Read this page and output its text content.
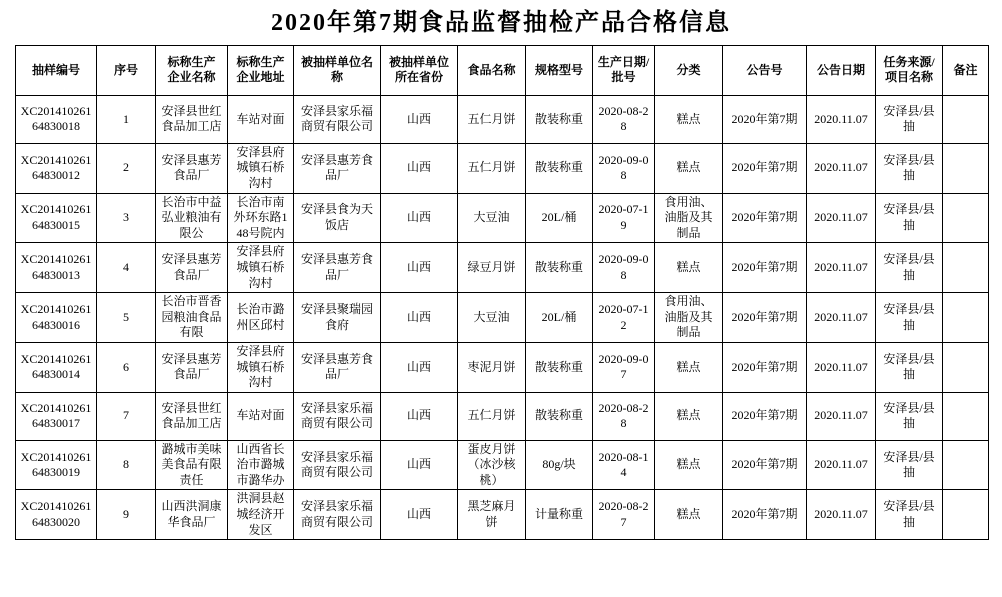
2020年第7期食品监督抽检产品合格信息
抽样编号	序号	标称生产企业名称	标称生产企业地址	被抽样单位名称	被抽样单位所在省份	食品名称	规格型号	生产日期/批号	分类	公告号	公告日期	任务来源/项目名称	备注
XC20141026164830018	1	安泽县世红食品加工店	车站对面	安泽县家乐福商贸有限公司	山西	五仁月饼	散装称重	2020-08-28	糕点	2020年第7期	2020.11.07	安泽县/县抽	
XC20141026164830012	2	安泽县惠芳食品厂	安泽县府城镇石桥沟村	安泽县惠芳食品厂	山西	五仁月饼	散装称重	2020-09-08	糕点	2020年第7期	2020.11.07	安泽县/县抽	
XC20141026164830015	3	长治市中益弘业粮油有限公	长治市南外环东路148号院内	安泽县食为天饭店	山西	大豆油	20L/桶	2020-07-19	食用油、油脂及其制品	2020年第7期	2020.11.07	安泽县/县抽	
XC20141026164830013	4	安泽县惠芳食品厂	安泽县府城镇石桥沟村	安泽县惠芳食品厂	山西	绿豆月饼	散装称重	2020-09-08	糕点	2020年第7期	2020.11.07	安泽县/县抽	
XC20141026164830016	5	长治市晋香园粮油食品有限	长治市潞州区邱村	安泽县聚瑞园食府	山西	大豆油	20L/桶	2020-07-12	食用油、油脂及其制品	2020年第7期	2020.11.07	安泽县/县抽	
XC20141026164830014	6	安泽县惠芳食品厂	安泽县府城镇石桥沟村	安泽县惠芳食品厂	山西	枣泥月饼	散装称重	2020-09-07	糕点	2020年第7期	2020.11.07	安泽县/县抽	
XC20141026164830017	7	安泽县世红食品加工店	车站对面	安泽县家乐福商贸有限公司	山西	五仁月饼	散装称重	2020-08-28	糕点	2020年第7期	2020.11.07	安泽县/县抽	
XC20141026164830019	8	潞城市美味美食品有限责任	山西省长治市潞城市潞华办	安泽县家乐福商贸有限公司	山西	蛋皮月饼（冰沙核桃）	80g/块	2020-08-14	糕点	2020年第7期	2020.11.07	安泽县/县抽	
XC20141026164830020	9	山西洪洞康华食品厂	洪洞县赵城经济开发区	安泽县家乐福商贸有限公司	山西	黑芝麻月饼	计量称重	2020-08-27	糕点	2020年第7期	2020.11.07	安泽县/县抽	
